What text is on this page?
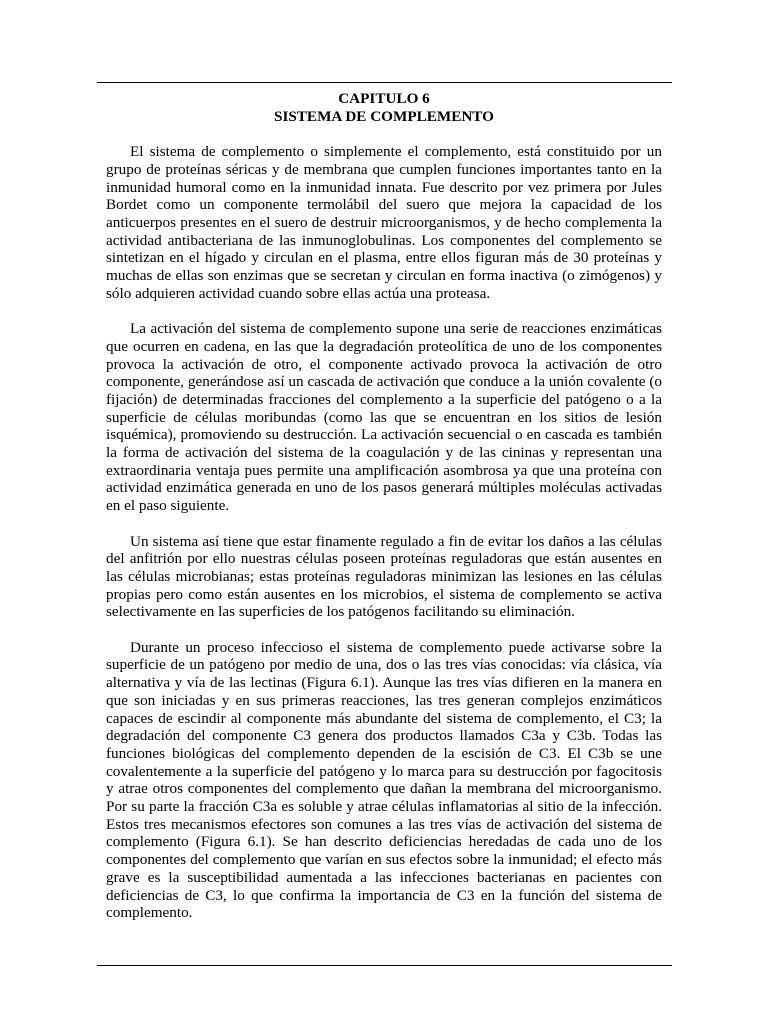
CAPITULO 6
SISTEMA DE COMPLEMENTO

El sistema de complemento o simplemente el complemento, está constituido por un grupo de proteínas séricas y de membrana que cumplen funciones importantes tanto en la inmunidad humoral como en la inmunidad innata. Fue descrito por vez primera por Jules Bordet como un componente termolábil del suero que mejora la capacidad de los anticuerpos presentes en el suero de destruir microorganismos, y de hecho complementa la actividad antibacteriana de las inmunoglobulinas. Los componentes del complemento se sintetizan en el hígado y circulan en el plasma, entre ellos figuran más de 30 proteínas y muchas de ellas son enzimas que se secretan y circulan en forma inactiva (o zimógenos) y sólo adquieren actividad cuando sobre ellas actúa una proteasa.

La activación del sistema de complemento supone una serie de reacciones enzimáticas que ocurren en cadena, en las que la degradación proteolítica de uno de los componentes provoca la activación de otro, el componente activado provoca la activación de otro componente, generándose así un cascada de activación que conduce a la unión covalente (o fijación) de determinadas fracciones del complemento a la superficie del patógeno o a la superficie de células moribundas (como las que se encuentran en los sitios de lesión isquémica), promoviendo su destrucción. La activación secuencial o en cascada es también la forma de activación del sistema de la coagulación y de las cininas y representan una extraordinaria ventaja pues permite una amplificación asombrosa ya que una proteína con actividad enzimática generada en uno de los pasos generará múltiples moléculas activadas en el paso siguiente.

Un sistema así tiene que estar finamente regulado a fin de evitar los daños a las células del anfitrión por ello nuestras células poseen proteínas reguladoras que están ausentes en las células microbianas; estas proteínas reguladoras minimizan las lesiones en las células propias pero como están ausentes en los microbios, el sistema de complemento se activa selectivamente en las superficies de los patógenos facilitando su eliminación.

Durante un proceso infeccioso el sistema de complemento puede activarse sobre la superficie de un patógeno por medio de una, dos o las tres vías conocidas: vía clásica, vía alternativa y vía de las lectinas (Figura 6.1). Aunque las tres vías difieren en la manera en que son iniciadas y en sus primeras reacciones, las tres generan complejos enzimáticos capaces de escindir al componente más abundante del sistema de complemento, el C3; la degradación del componente C3 genera dos productos llamados C3a y C3b. Todas las funciones biológicas del complemento dependen de la escisión de C3. El C3b se une covalentemente a la superficie del patógeno y lo marca para su destrucción por fagocitosis y atrae otros componentes del complemento que dañan la membrana del microorganismo. Por su parte la fracción C3a es soluble y atrae células inflamatorias al sitio de la infección. Estos tres mecanismos efectores son comunes a las tres vías de activación del sistema de complemento (Figura 6.1). Se han descrito deficiencias heredadas de cada uno de los componentes del complemento que varían en sus efectos sobre la inmunidad; el efecto más grave es la susceptibilidad aumentada a las infecciones bacterianas en pacientes con deficiencias de C3, lo que confirma la importancia de C3 en la función del sistema de complemento.
